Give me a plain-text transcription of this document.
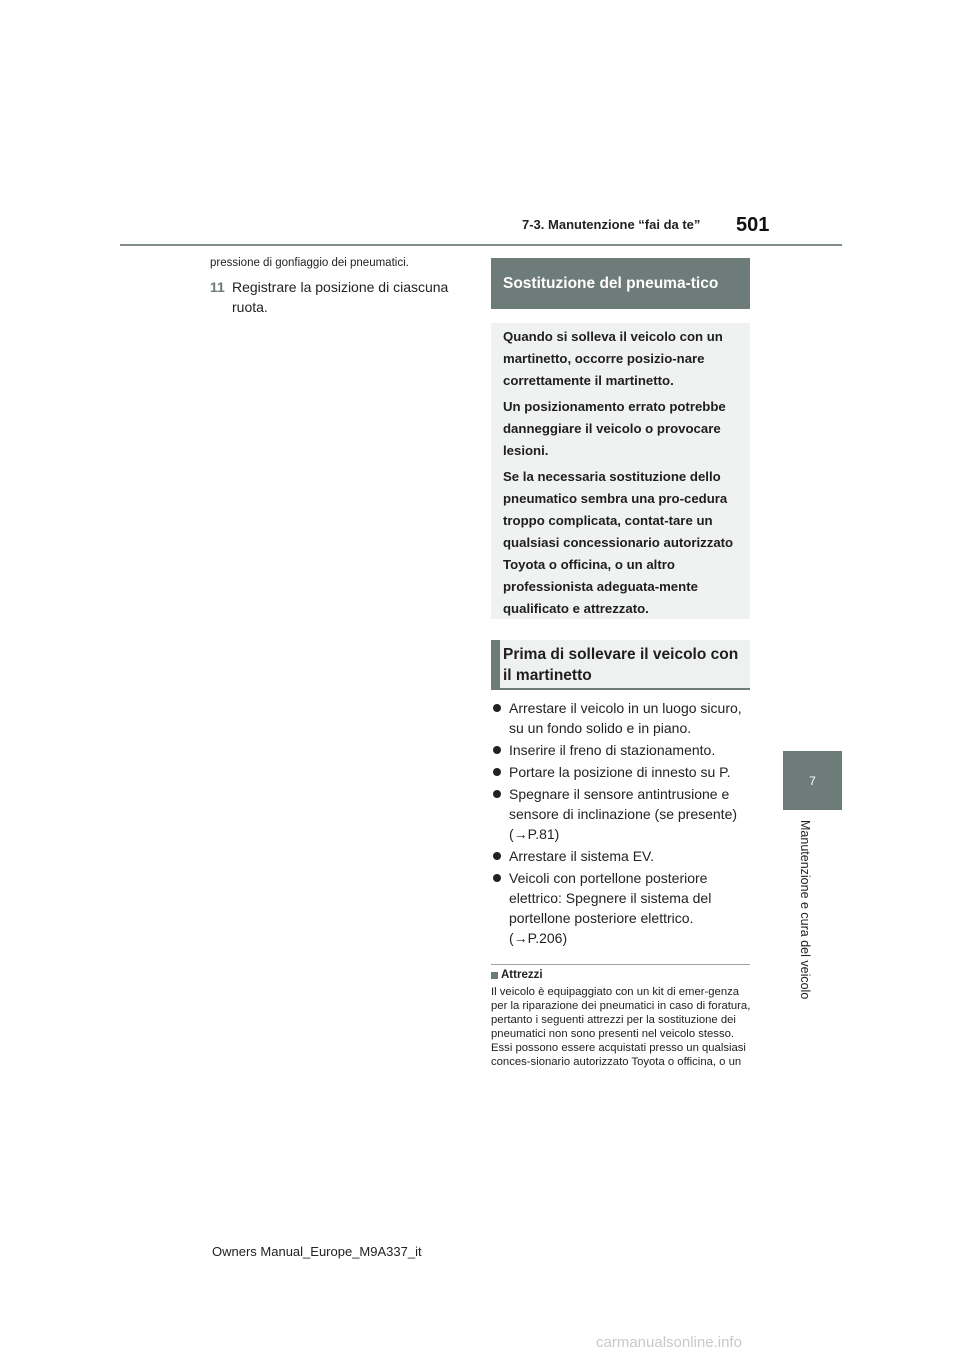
7-3. Manutenzione “fai da te” 501
pressione di gonfiaggio dei pneumatici.
11 Registrare la posizione di ciascuna ruota.
Sostituzione del pneuma-tico

Quando si solleva il veicolo con un martinetto, occorre posizio-nare correttamente il martinetto.

Un posizionamento errato potrebbe danneggiare il veicolo o provocare lesioni.

Se la necessaria sostituzione dello pneumatico sembra una pro-cedura troppo complicata, contat-tare un qualsiasi concessionario autorizzato Toyota o officina, o un altro professionista adeguata-mente qualificato e attrezzato.

Prima di sollevare il veicolo con il martinetto
Arrestare il veicolo in un luogo sicuro, su un fondo solido e in piano.
Inserire il freno di stazionamento.
Portare la posizione di innesto su P.
Spegnare il sensore antintrusione e sensore di inclinazione (se presente) (→P.81)
Arrestare il sistema EV.
Veicoli con portellone posteriore elettrico: Spegnere il sistema del portellone posteriore elettrico. (→P.206)
Attrezzi
Il veicolo è equipaggiato con un kit di emer-genza per la riparazione dei pneumatici in caso di foratura, pertanto i seguenti attrezzi per la sostituzione dei pneumatici non sono presenti nel veicolo stesso. Essi possono essere acquistati presso un qualsiasi conces-sionario autorizzato Toyota o officina, o un
7
Manutenzione e cura del veicolo
Owners Manual_Europe_M9A337_it
carmanualsonline.info
